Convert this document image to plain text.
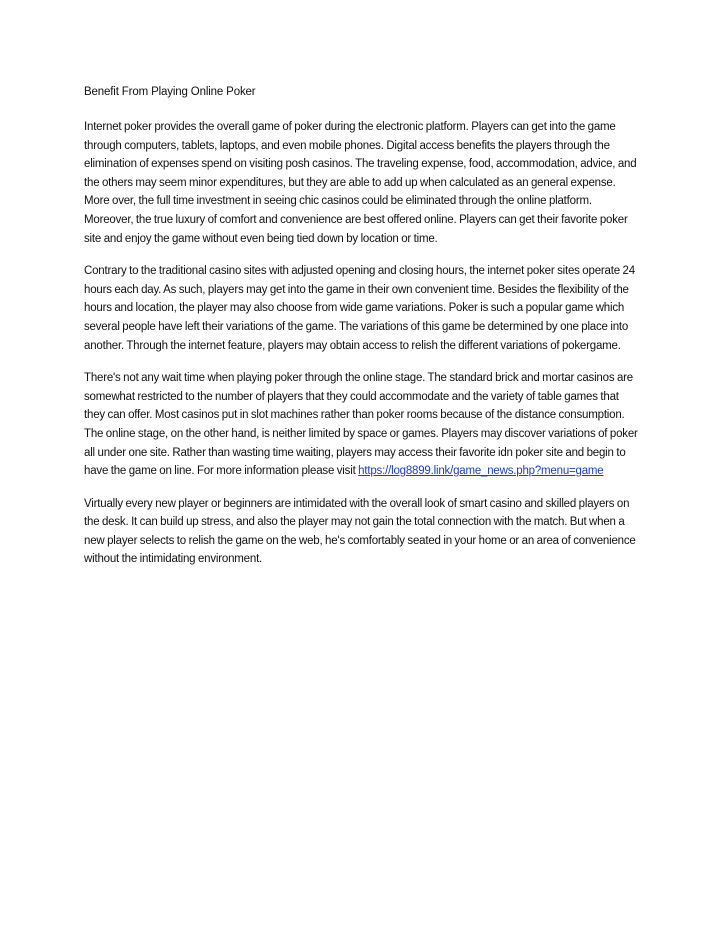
Benefit From Playing Online Poker

Internet poker provides the overall game of poker during the electronic platform. Players can get into the game through computers, tablets, laptops, and even mobile phones. Digital access benefits the players through the elimination of expenses spend on visiting posh casinos. The traveling expense, food, accommodation, advice, and the others may seem minor expenditures, but they are able to add up when calculated as an general expense. More over, the full time investment in seeing chic casinos could be eliminated through the online platform. Moreover, the true luxury of comfort and convenience are best offered online. Players can get their favorite poker site and enjoy the game without even being tied down by location or time.

Contrary to the traditional casino sites with adjusted opening and closing hours, the internet poker sites operate 24 hours each day. As such, players may get into the game in their own convenient time. Besides the flexibility of the hours and location, the player may also choose from wide game variations. Poker is such a popular game which several people have left their variations of the game. The variations of this game be determined by one place into another. Through the internet feature, players may obtain access to relish the different variations of pokergame.

There's not any wait time when playing poker through the online stage. The standard brick and mortar casinos are somewhat restricted to the number of players that they could accommodate and the variety of table games that they can offer. Most casinos put in slot machines rather than poker rooms because of the distance consumption. The online stage, on the other hand, is neither limited by space or games. Players may discover variations of poker all under one site. Rather than wasting time waiting, players may access their favorite idn poker site and begin to have the game on line. For more information please visit https://log8899.link/game_news.php?menu=game

Virtually every new player or beginners are intimidated with the overall look of smart casino and skilled players on the desk. It can build up stress, and also the player may not gain the total connection with the match. But when a new player selects to relish the game on the web, he's comfortably seated in your home or an area of convenience without the intimidating environment.
